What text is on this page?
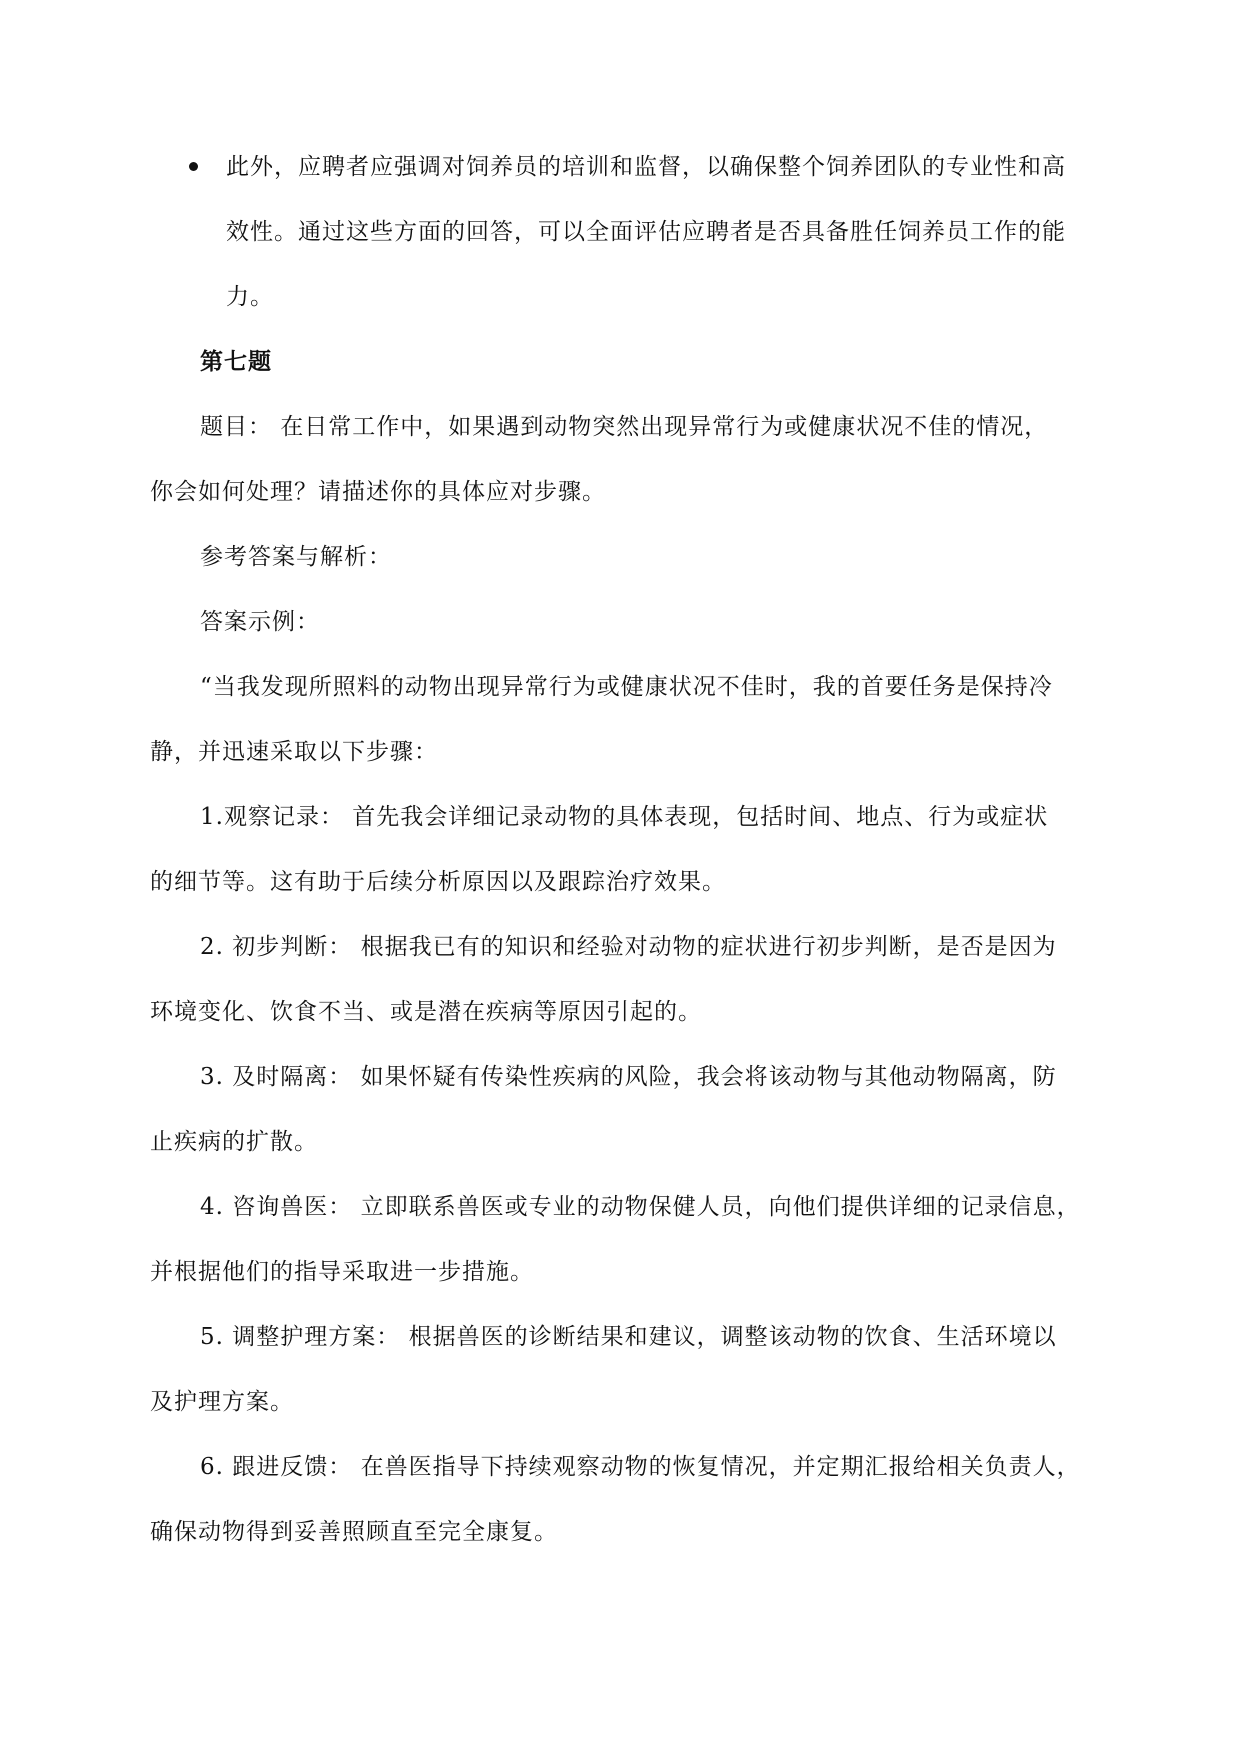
此外，应聘者应强调对饲养员的培训和监督，以确保整个饲养团队的专业性和高
效性。通过这些方面的回答，可以全面评估应聘者是否具备胜任饲养员工作的能
力。
第七题
题目： 在日常工作中，如果遇到动物突然出现异常行为或健康状况不佳的情况，
你会如何处理？请描述你的具体应对步骤。
参考答案与解析：
答案示例：
“当我发现所照料的动物出现异常行为或健康状况不佳时，我的首要任务是保持冷
静，并迅速采取以下步骤：
1.观察记录： 首先我会详细记录动物的具体表现，包括时间、地点、行为或症状
的细节等。这有助于后续分析原因以及跟踪治疗效果。
2. 初步判断： 根据我已有的知识和经验对动物的症状进行初步判断，是否是因为
环境变化、饮食不当、或是潜在疾病等原因引起的。
3. 及时隔离： 如果怀疑有传染性疾病的风险，我会将该动物与其他动物隔离，防
止疾病的扩散。
4. 咨询兽医： 立即联系兽医或专业的动物保健人员，向他们提供详细的记录信息，
并根据他们的指导采取进一步措施。
5. 调整护理方案： 根据兽医的诊断结果和建议，调整该动物的饮食、生活环境以
及护理方案。
6. 跟进反馈： 在兽医指导下持续观察动物的恢复情况，并定期汇报给相关负责人，
确保动物得到妥善照顾直至完全康复。
